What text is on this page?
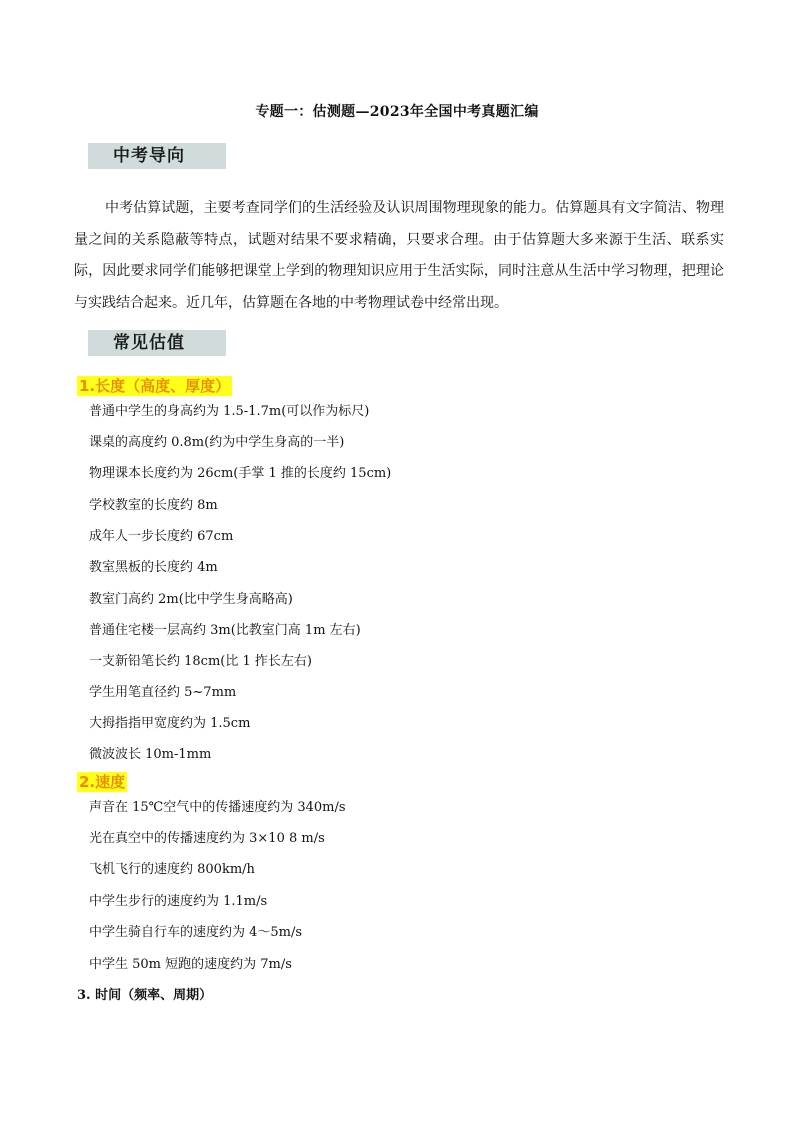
专题一：估测题—2023年全国中考真题汇编
中考导向
中考估算试题，主要考查同学们的生活经验及认识周围物理现象的能力。估算题具有文字简洁、物理量之间的关系隐蔽等特点，试题对结果不要求精确，只要求合理。由于估算题大多来源于生活、联系实际，因此要求同学们能够把课堂上学到的物理知识应用于生活实际，同时注意从生活中学习物理，把理论与实践结合起来。近几年，估算题在各地的中考物理试卷中经常出现。
常见估值
1.长度（高度、厚度）
普通中学生的身高约为 1.5-1.7m(可以作为标尺)
课桌的高度约 0.8m(约为中学生身高的一半)
物理课本长度约为 26cm(手掌 1 推的长度约 15cm)
学校教室的长度约 8m
成年人一步长度约 67cm
教室黑板的长度约 4m
教室门高约 2m(比中学生身高略高)
普通住宅楼一层高约 3m(比教室门高 1m 左右)
一支新铅笔长约 18cm(比 1 拃长左右)
学生用笔直径约 5~7mm
大拇指指甲宽度约为 1.5cm
微波波长 10m-1mm
2.速度
声音在 15℃空气中的传播速度约为 340m/s
光在真空中的传播速度约为 3×10 8 m/s
飞机飞行的速度约 800km/h
中学生步行的速度约为 1.1m/s
中学生骑自行车的速度约为 4～5m/s
中学生 50m 短跑的速度约为 7m/s
3. 时间（频率、周期）
